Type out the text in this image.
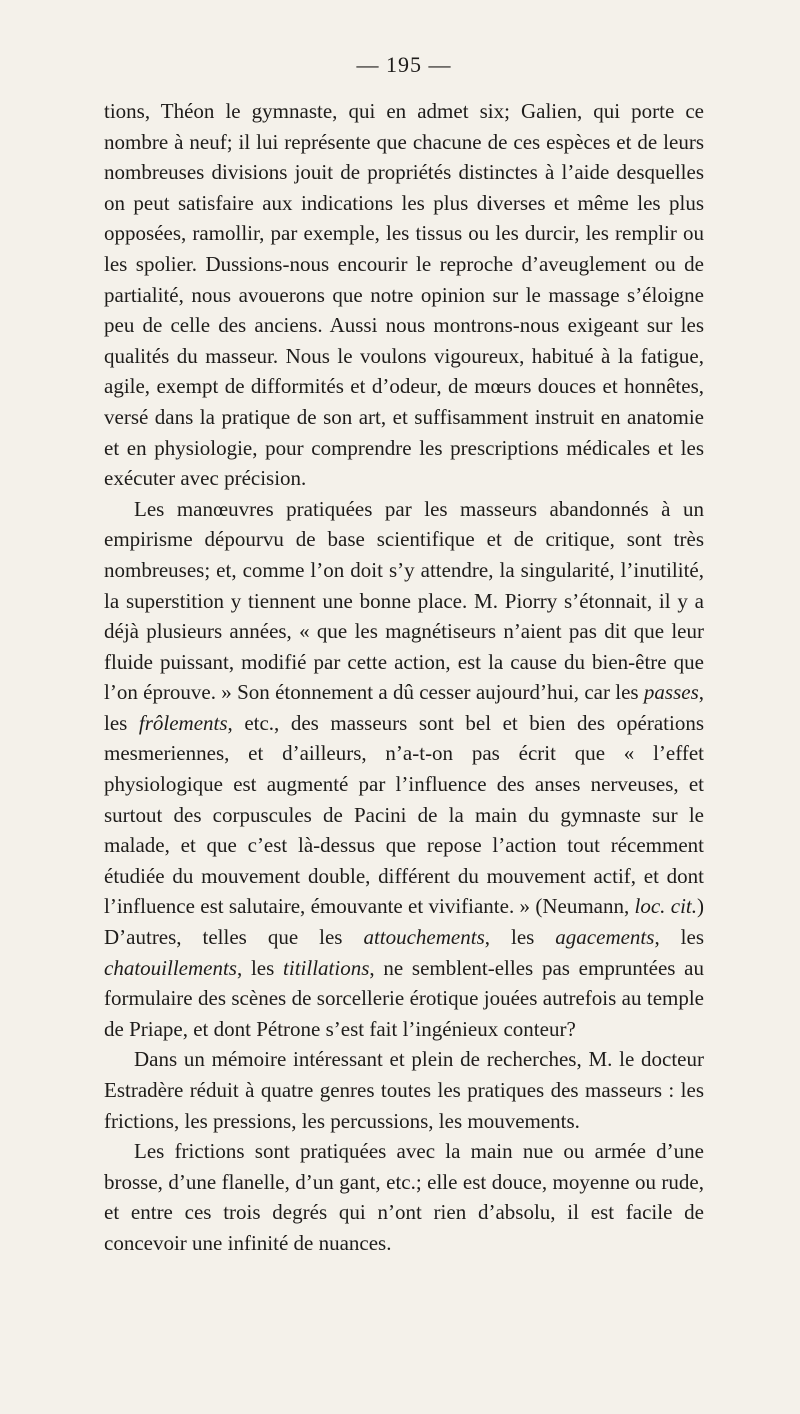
— 195 —

tions, Théon le gymnaste, qui en admet six; Galien, qui porte ce nombre à neuf; il lui représente que chacune de ces espèces et de leurs nombreuses divisions jouit de propriétés distinctes à l’aide desquelles on peut satisfaire aux indications les plus diverses et même les plus opposées, ramollir, par exemple, les tissus ou les durcir, les remplir ou les spolier. Dussions-nous encourir le reproche d’aveuglement ou de partialité, nous avouerons que notre opinion sur le massage s’éloigne peu de celle des anciens. Aussi nous montrons-nous exigeant sur les qualités du masseur. Nous le voulons vigoureux, habitué à la fatigue, agile, exempt de difformités et d’odeur, de mœurs douces et honnêtes, versé dans la pratique de son art, et suffisamment instruit en anatomie et en physiologie, pour comprendre les prescriptions médicales et les exécuter avec précision.

Les manœuvres pratiquées par les masseurs abandonnés à un empirisme dépourvu de base scientifique et de critique, sont très nombreuses; et, comme l’on doit s’y attendre, la singularité, l’inutilité, la superstition y tiennent une bonne place. M. Piorry s’étonnait, il y a déjà plusieurs années, « que les magnétiseurs n’aient pas dit que leur fluide puissant, modifié par cette action, est la cause du bien-être que l’on éprouve. » Son étonnement a dû cesser aujourd’hui, car les passes, les frôlements, etc., des masseurs sont bel et bien des opérations mesmeriennes, et d’ailleurs, n’a-t-on pas écrit que « l’effet physiologique est augmenté par l’influence des anses nerveuses, et surtout des corpuscules de Pacini de la main du gymnaste sur le malade, et que c’est là-dessus que repose l’action tout récemment étudiée du mouvement double, différent du mouvement actif, et dont l’influence est salutaire, émouvante et vivifiante. » (Neumann, loc. cit.) D’autres, telles que les attouchements, les agacements, les chatouillements, les titillations, ne semblent-elles pas empruntées au formulaire des scènes de sorcellerie érotique jouées autrefois au temple de Priape, et dont Pétrone s’est fait l’ingénieux conteur?

Dans un mémoire intéressant et plein de recherches, M. le docteur Estradère réduit à quatre genres toutes les pratiques des masseurs : les frictions, les pressions, les percussions, les mouvements.

Les frictions sont pratiquées avec la main nue ou armée d’une brosse, d’une flanelle, d’un gant, etc.; elle est douce, moyenne ou rude, et entre ces trois degrés qui n’ont rien d’absolu, il est facile de concevoir une infinité de nuances.
